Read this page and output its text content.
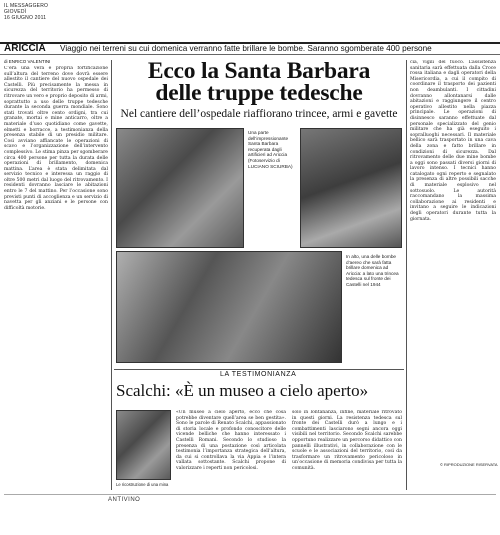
IL MESSAGGERO
GIOVEDÌ
16 GIUGNO 2011
ARICCIA Viaggio nei terreni su cui domenica verranno fatte brillare le bombe. Saranno sgomberate 400 persone
di ENRICO VALENTINI
C’era una vera e propria fortificazione sull’altura del terreno dove dovrà essere allestito il cantiere del nuovo ospedale dei Castelli. Più precisamente la messa in sicurezza del territorio ha permesso di ritrovare un vero e proprio deposito di armi, soprattutto a uso delle truppe tedesche durante la seconda guerra mondiale. Sono stati trovati oltre cento ordigni, tra cui granate, mortai e mine anticarro, oltre a materiale d’uso quotidiano come gavette, elmetti e borracce, a testimonianza della presenza stabile di un presidio militare. Così avviano affiancate le operazioni di scavo e l’organizzazione dell’intervento complessivo. Le stima pinza per sgomberare circa 400 persone per tutta la durata delle operazioni di brillamento, domenica mattina. L’area è stata delimitata dal servizio tecnico e interessa un raggio di oltre 500 metri dal luogo del ritrovamento. I residenti dovranno lasciare le abitazioni entro le 7 del mattino. Per l’occasione sono previsti punti di accoglienza e un servizio di navetta per gli anziani e le persone con difficoltà motorie.
Ecco la Santa Barbara
delle truppe tedesche
Nel cantiere dell’ospedale riaffiorano trincee, armi e gavette
Una parte dell’impressionante Santa Barbara recuperata dagli artificieri ad Ariccia (Fotoservizio di LUCIANO SCIURBA)
In alto, una delle bombe d’aereo che sarà fatta brillare domenica ad Ariccia: a lato una trincea tedesca sul fronte dei Castelli nel 1944
cia, vigili del fuoco. L’assistenza sanitaria sarà effettuata dalla Croce rossa italiana e dagli operatori della Misericordia, a cui il compito di coordinare il trasporto dei pazienti non deambulanti. I cittadini dovranno allontanarsi dalle abitazioni e raggiungere il centro operativo allestito nella piazza principale. Le operazioni di disinnesco saranno effettuate dal personale specializzato del genio militare che ha già eseguito i sopralluoghi necessari. Il materiale bellico sarà trasportato in una cava della zona e fatto brillare in condizioni di sicurezza. Dal ritrovamento delle due mine bombe a oggi sono passati diversi giorni di lavoro intenso. I tecnici hanno catalogato ogni reperto e segnalato la presenza di altre possibili sacche di materiale esplosivo nel sottosuolo. Le autorità raccomandano la massima collaborazione ai residenti e invitano a seguire le indicazioni degli operatori durante tutta la giornata.
© RIPRODUZIONE RISERVATA
LA TESTIMONIANZA
Scalchi: «È un museo a cielo aperto»
Le ricostruzione di una mina
«Un museo a cielo aperto, ecco che cosa potrebbe diventare quell’area se ben gestita». Sono le parole di Renato Scalchi, appassionato di storia locale e profondo conoscitore delle vicende belliche che hanno interessato i Castelli Romani. Secondo lo studioso la presenza di una postazione così articolata testimonia l’importanza strategica dell’altura, da cui si controllava la via Appia e l’intera vallata sottostante. Scalchi propone di valorizzare i reperti non pericolosi.
solo in lontananza, infine, materiale ritrovato in questi giorni. La resistenza tedesca sul fronte dei Castelli durò a lungo e i combattimenti lasciarono segni ancora oggi visibili nel territorio. Secondo Scalchi sarebbe opportuno realizzare un percorso didattico con pannelli illustrativi, in collaborazione con le scuole e le associazioni del territorio, così da trasformare un ritrovamento pericoloso in un’occasione di memoria condivisa per tutta la comunità.
ANTIVINO
